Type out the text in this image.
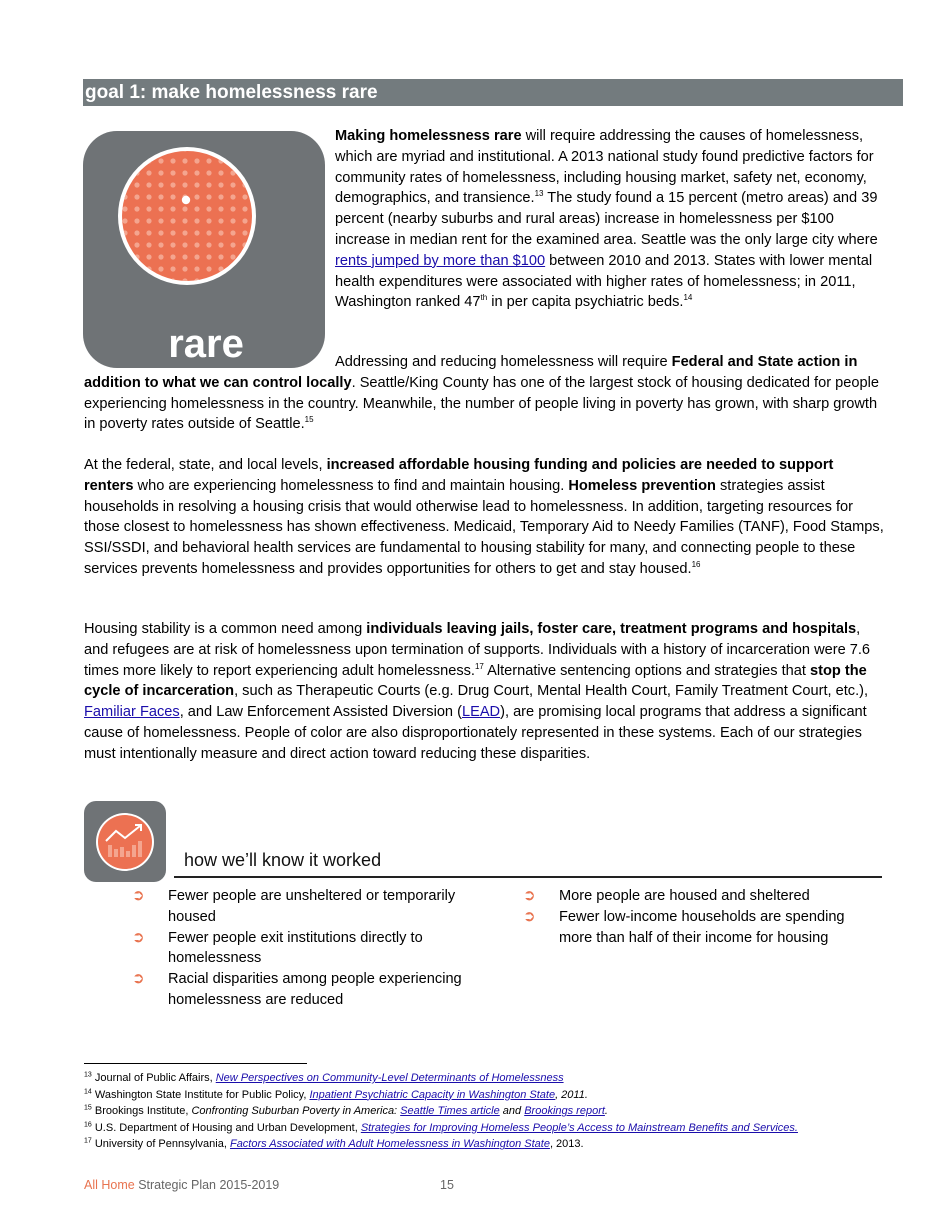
goal 1: make homelessness rare
rare

Making homelessness rare will require addressing the causes of homelessness, which are myriad and institutional. A 2013 national study found predictive factors for community rates of homelessness, including housing market, safety net, economy, demographics, and transience.$^{13}$ The study found a 15 percent (metro areas) and 39 percent (nearby suburbs and rural areas) increase in homelessness per $100 increase in median rent for the examined area. Seattle was the only large city where rents jumped by more than $100 between 2010 and 2013. States with lower mental health expenditures were associated with higher rates of homelessness; in 2011, Washington ranked 47th in per capita psychiatric beds.$^{14}$

Addressing and reducing homelessness will require Federal and State action in addition to what we can control locally. Seattle/King County has one of the largest stock of housing dedicated for people experiencing homelessness in the country. Meanwhile, the number of people living in poverty has grown, with sharp growth in poverty rates outside of Seattle.$^{15}$

At the federal, state, and local levels, increased affordable housing funding and policies are needed to support renters who are experiencing homelessness to find and maintain housing. Homeless prevention strategies assist households in resolving a housing crisis that would otherwise lead to homelessness. In addition, targeting resources for those closest to homelessness has shown effectiveness. Medicaid, Temporary Aid to Needy Families (TANF), Food Stamps, SSI/SSDI, and behavioral health services are fundamental to housing stability for many, and connecting people to these services prevents homelessness and provides opportunities for others to get and stay housed.$^{16}$

Housing stability is a common need among individuals leaving jails, foster care, treatment programs and hospitals, and refugees are at risk of homelessness upon termination of supports. Individuals with a history of incarceration were 7.6 times more likely to report experiencing adult homelessness.$^{17}$ Alternative sentencing options and strategies that stop the cycle of incarceration, such as Therapeutic Courts (e.g. Drug Court, Mental Health Court, Family Treatment Court, etc.), Familiar Faces, and Law Enforcement Assisted Diversion (LEAD), are promising local programs that address a significant cause of homelessness. People of color are also disproportionately represented in these systems. Each of our strategies must intentionally measure and direct action toward reducing these disparities.

how we’ll know it worked

➲ Fewer people are unsheltered or temporarily housed

➲ Fewer people exit institutions directly to homelessness

➲ Racial disparities among people experiencing homelessness are reduced

➲ More people are housed and sheltered

➲ Fewer low-income households are spending more than half of their income for housing

$^{13}$ Journal of Public Affairs, New Perspectives on Community-Level Determinants of Homelessness

$^{14}$ Washington State Institute for Public Policy, Inpatient Psychiatric Capacity in Washington State, 2011.

$^{15}$ Brookings Institute, Confronting Suburban Poverty in America: Seattle Times article and Brookings report.

$^{16}$ U.S. Department of Housing and Urban Development, Strategies for Improving Homeless People’s Access to Mainstream Benefits and Services.

$^{17}$ University of Pennsylvania, Factors Associated with Adult Homelessness in Washington State, 2013.

All Home Strategic Plan 2015-2019	15
